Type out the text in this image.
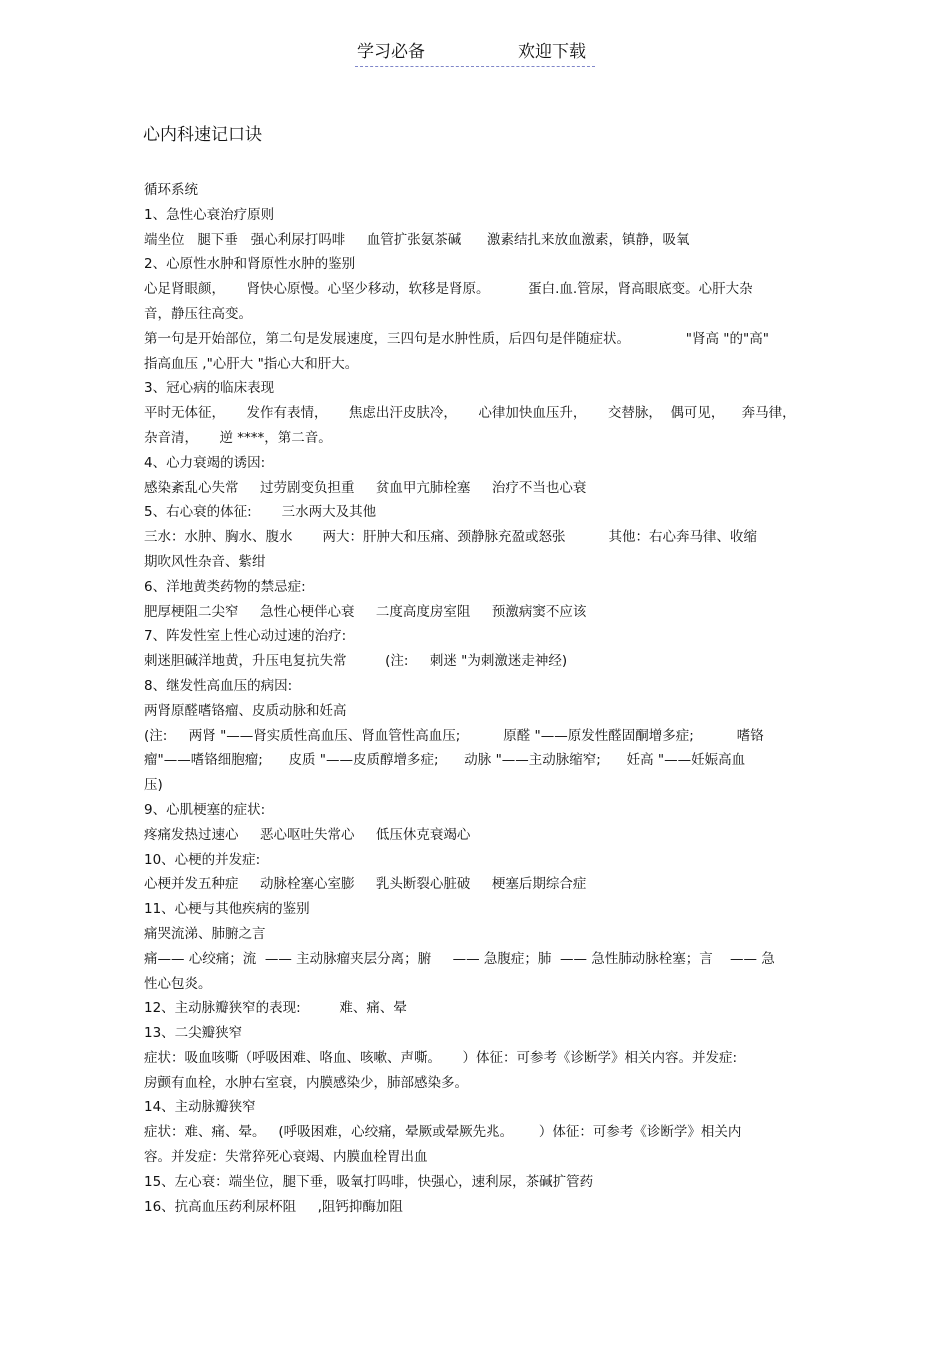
学习必备	欢迎下载
心内科速记口诀
循环系统
1、急性心衰治疗原则
端坐位   腿下垂   强心利尿打吗啡     血管扩张氨茶碱      激素结扎来放血激素，镇静，吸氧
2、心原性水肿和肾原性水肿的鉴别
心足肾眼颜，     肾快心原慢。心坚少移动，软移是肾原。         蛋白.血.管尿，肾高眼底变。心肝大杂
音，静压往高变。
第一句是开始部位，第二句是发展速度，三四句是水肿性质，后四句是伴随症状。             "肾高 "的"高"
指高血压 ,"心肝大 "指心大和肝大。
3、冠心病的临床表现
平时无体征，     发作有表情，     焦虑出汗皮肤冷，     心律加快血压升，     交替脉，  偶可见，    奔马律，
杂音清，     逆 ****，第二音。
4、心力衰竭的诱因:
感染紊乱心失常     过劳剧变负担重     贫血甲亢肺栓塞     治疗不当也心衰
5、右心衰的体征:       三水两大及其他
三水：水肿、胸水、腹水       两大：肝肿大和压痛、颈静脉充盈或怒张          其他：右心奔马律、收缩
期吹风性杂音、紫绀
6、洋地黄类药物的禁忌症:
肥厚梗阻二尖窄     急性心梗伴心衰     二度高度房室阻     预激病窦不应该
7、阵发性室上性心动过速的治疗:
刺迷胆碱洋地黄，升压电复抗失常         (注:     刺迷 "为刺激迷走神经)
8、继发性高血压的病因:
两肾原醛嗜铬瘤、皮质动脉和妊高
(注:     两肾 "——肾实质性高血压、肾血管性高血压;          原醛 "——原发性醛固酮增多症;          嗜铬
瘤"——嗜铬细胞瘤;      皮质 "——皮质醇增多症;      动脉 "——主动脉缩窄;      妊高 "——妊娠高血
压)
9、心肌梗塞的症状:
疼痛发热过速心     恶心呕吐失常心     低压休克衰竭心
10、心梗的并发症:
心梗并发五种症     动脉栓塞心室膨     乳头断裂心脏破     梗塞后期综合症
11、心梗与其他疾病的鉴别
痛哭流涕、肺腑之言
痛—— 心绞痛；流  —— 主动脉瘤夹层分离；腑     —— 急腹症；肺  —— 急性肺动脉栓塞；言    —— 急
性心包炎。
12、主动脉瓣狭窄的表现:         难、痛、晕
13、二尖瓣狭窄
症状：吸血咳嘶（呼吸困难、咯血、咳嗽、声嘶。     ）体征：可参考《诊断学》相关内容。并发症:
房颤有血栓，水肿右室衰，内膜感染少，肺部感染多。
14、主动脉瓣狭窄
症状：难、痛、晕。   (呼吸困难，心绞痛，晕厥或晕厥先兆。      ）体征：可参考《诊断学》相关内
容。并发症：失常猝死心衰竭、内膜血栓胃出血
15、左心衰：端坐位，腿下垂，吸氧打吗啡，快强心，速利尿，茶碱扩管药
16、抗高血压药利尿杯阻     ,阻钙抑酶加阻
